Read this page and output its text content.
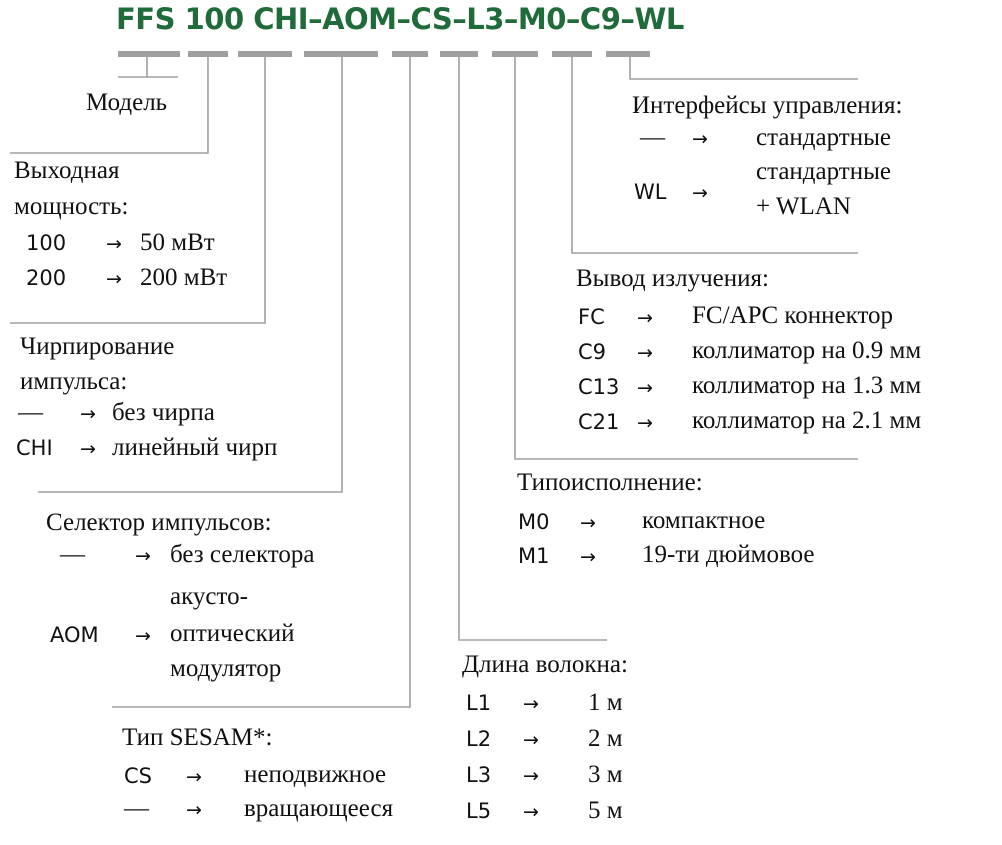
FFS 100 CHI–AOM–CS–L3–M0–C9–WL
Модель
Выходная
мощность:
100 → 50 мВт
200 → 200 мВт
Чирпирование
импульса:
— → без чирпа
CHI → линейный чирп
Селектор импульсов:
—	→ без селектора
акусто-
AOM → оптический
модулятор
Тип SESAM*:
CS → неподвижное
— → вращающееся
Длина волокна:
L1 → 1 м
L2 → 2 м
L3 → 3 м
L5 → 5 м
Типоисполнение:
M0 → компактное
M1 → 19-ти дюймовое
Вывод излучения:
FC → FC/APC коннектор
C9 → коллиматор на 0.9 мм
C13 → коллиматор на 1.3 мм
C21 → коллиматор на 2.1 мм
Интерфейсы управления:
— → стандартные
стандартные
WL → + WLAN
